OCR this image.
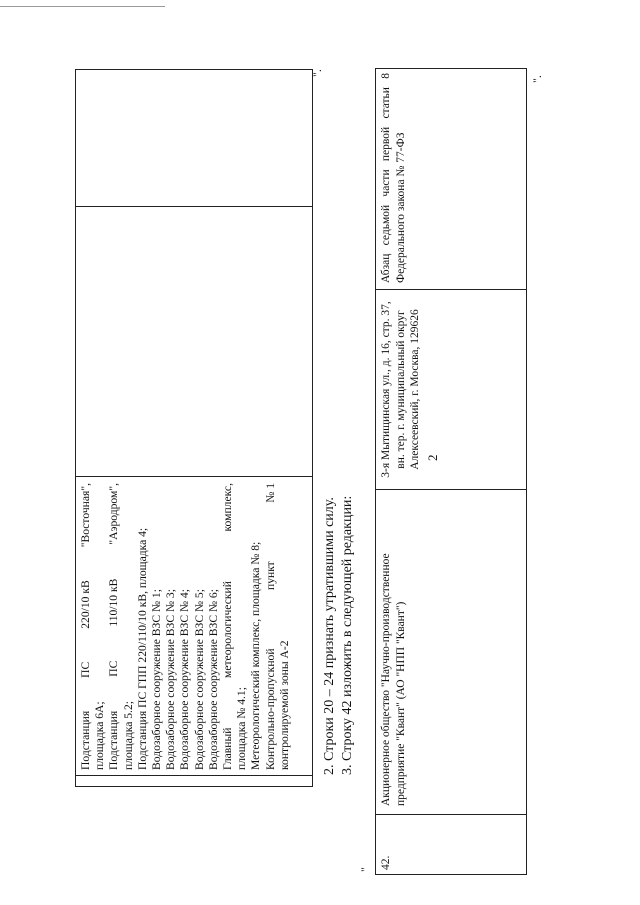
2
Подстанция
ПС
220/10 кВ
"Восточная",
площадка 6А; Подстанция
ПС
110/10 кВ
"Аэродром",
площадка 5.2; Подстанция ПС ГПП 220/110/10 кВ, площадка 4; Водозаборное сооружение ВЗС № 1; Водозаборное сооружение ВЗС № 3; Водозаборное сооружение ВЗС № 4; Водозаборное сооружение ВЗС № 5; Водозаборное сооружение ВЗС № 6; Главный
метеорологический
комплекс,
площадка № 4.1; Метеорологический комплекс, площадка № 8; Контрольно-пропускной
пункт
№ 1
контролируемой зоны А-2
".
2. Строки 20 – 24 признать утратившими силу. 3. Строку 42 изложить в следующей редакции:
" 42.
Акционерное общество "Научно-производственное предприятие "Квант" (АО "НПП "Квант")
3-я Мытищинская ул., д. 16, стр. 37, вн. тер. г. муниципальный округ Алексеевский, г. Москва, 129626
Абзац седьмой части первой статьи 8 Федерального закона № 77-ФЗ
".
